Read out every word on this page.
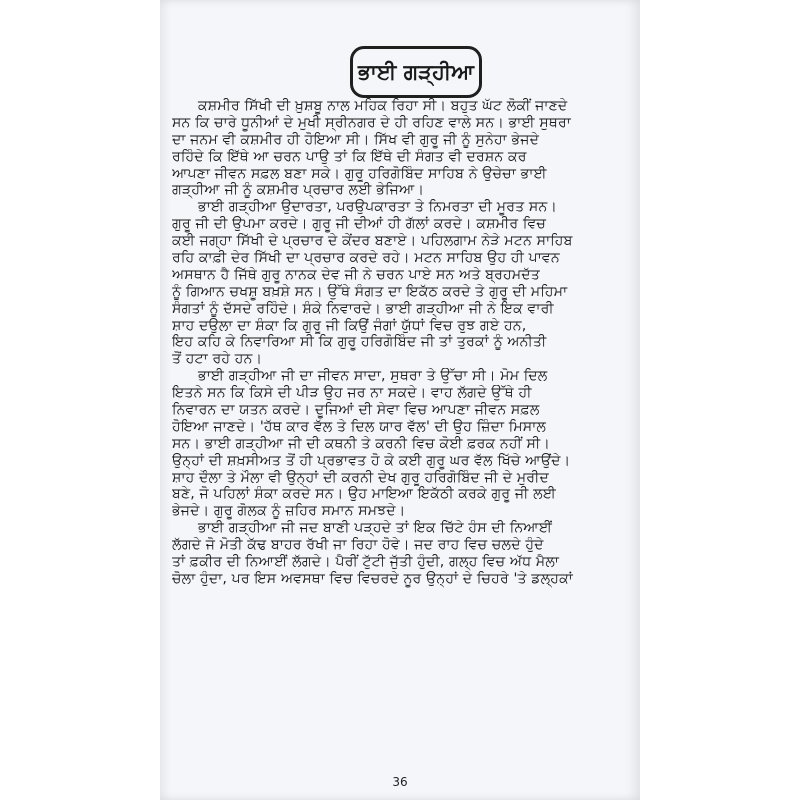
ਭਾਈ ਗੜ੍ਹੀਆ
ਕਸ਼ਮੀਰ ਸਿੱਖੀ ਦੀ ਖ਼ੁਸ਼ਬੂ ਨਾਲ ਮਹਿਕ ਰਿਹਾ ਸੀ। ਬਹੁਤ ਘੱਟ ਲੋਕੀਂ ਜਾਣਦੇ
ਸਨ ਕਿ ਚਾਰੇ ਧੂਨੀਆਂ ਦੇ ਮੁਖੀ ਸ੍ਰੀਨਗਰ ਦੇ ਹੀ ਰਹਿਣ ਵਾਲੇ ਸਨ। ਭਾਈ ਸੁਥਰਾ
ਦਾ ਜਨਮ ਵੀ ਕਸ਼ਮੀਰ ਹੀ ਹੋਇਆ ਸੀ। ਸਿੱਖ ਵੀ ਗੁਰੂ ਜੀ ਨੂੰ ਸੁਨੇਹਾ ਭੇਜਦੇ
ਰਹਿੰਦੇ ਕਿ ਇੱਥੇ ਆ ਚਰਨ ਪਾਉ ਤਾਂ ਕਿ ਇੱਥੇ ਦੀ ਸੰਗਤ ਵੀ ਦਰਸ਼ਨ ਕਰ
ਆਪਣਾ ਜੀਵਨ ਸਫ਼ਲ ਬਣਾ ਸਕੇ। ਗੁਰੂ ਹਰਿਗੋਬਿੰਦ ਸਾਹਿਬ ਨੇ ਉਚੇਚਾ ਭਾਈ
ਗੜ੍ਹੀਆ ਜੀ ਨੂੰ ਕਸ਼ਮੀਰ ਪ੍ਰਚਾਰ ਲਈ ਭੇਜਿਆ।
ਭਾਈ ਗੜ੍ਹੀਆ ਉਦਾਰਤਾ, ਪਰਉਪਕਾਰਤਾ ਤੇ ਨਿਮਰਤਾ ਦੀ ਮੂਰਤ ਸਨ।
ਗੁਰੂ ਜੀ ਦੀ ਉਪਮਾ ਕਰਦੇ। ਗੁਰੂ ਜੀ ਦੀਆਂ ਹੀ ਗੱਲਾਂ ਕਰਦੇ। ਕਸ਼ਮੀਰ ਵਿਚ
ਕਈ ਜਗ੍ਹਾ ਸਿੱਖੀ ਦੇ ਪ੍ਰਚਾਰ ਦੇ ਕੇਂਦਰ ਬਣਾਏ। ਪਹਿਲਗਾਮ ਨੇੜੇ ਮਟਨ ਸਾਹਿਬ
ਰਹਿ ਕਾਫ਼ੀ ਦੇਰ ਸਿੱਖੀ ਦਾ ਪ੍ਰਚਾਰ ਕਰਦੇ ਰਹੇ। ਮਟਨ ਸਾਹਿਬ ਉਹ ਹੀ ਪਾਵਨ
ਅਸਥਾਨ ਹੈ ਜਿੱਥੇ ਗੁਰੂ ਨਾਨਕ ਦੇਵ ਜੀ ਨੇ ਚਰਨ ਪਾਏ ਸਨ ਅਤੇ ਬ੍ਰਹਮਦੱਤ
ਨੂੰ ਗਿਆਨ ਚਖਸ਼ੂ ਬਖ਼ਸ਼ੇ ਸਨ। ਉੱਥੇ ਸੰਗਤ ਦਾ ਇਕੱਠ ਕਰਦੇ ਤੇ ਗੁਰੂ ਦੀ ਮਹਿਮਾ
ਸੰਗਤਾਂ ਨੂੰ ਦੱਸਦੇ ਰਹਿੰਦੇ। ਸ਼ੰਕੇ ਨਿਵਾਰਦੇ। ਭਾਈ ਗੜ੍ਹੀਆ ਜੀ ਨੇ ਇਕ ਵਾਰੀ
ਸ਼ਾਹ ਦਉਲਾ ਦਾ ਸ਼ੰਕਾ ਕਿ ਗੁਰੂ ਜੀ ਕਿਉਂ ਜੰਗਾਂ ਯੁੱਧਾਂ ਵਿਚ ਰੁਝ ਗਏ ਹਨ,
ਇਹ ਕਹਿ ਕੇ ਨਿਵਾਰਿਆ ਸੀ ਕਿ ਗੁਰੂ ਹਰਿਗੋਬਿੰਦ ਜੀ ਤਾਂ ਤੁਰਕਾਂ ਨੂੰ ਅਨੀਤੀ
ਤੋਂ ਹਟਾ ਰਹੇ ਹਨ।
ਭਾਈ ਗੜ੍ਹੀਆ ਜੀ ਦਾ ਜੀਵਨ ਸਾਦਾ, ਸੁਥਰਾ ਤੇ ਉੱਚਾ ਸੀ। ਮੋਮ ਦਿਲ
ਇਤਨੇ ਸਨ ਕਿ ਕਿਸੇ ਦੀ ਪੀੜ ਉਹ ਜਰ ਨਾ ਸਕਦੇ। ਵਾਹ ਲੱਗਦੇ ਉੱਥੇ ਹੀ
ਨਿਵਾਰਨ ਦਾ ਯਤਨ ਕਰਦੇ। ਦੂਜਿਆਂ ਦੀ ਸੇਵਾ ਵਿਚ ਆਪਣਾ ਜੀਵਨ ਸਫ਼ਲ
ਹੋਇਆ ਜਾਣਦੇ। 'ਹੱਥ ਕਾਰ ਵੱਲ ਤੇ ਦਿਲ ਯਾਰ ਵੱਲ' ਦੀ ਉਹ ਜ਼ਿੰਦਾ ਮਿਸਾਲ
ਸਨ। ਭਾਈ ਗੜ੍ਹੀਆ ਜੀ ਦੀ ਕਥਨੀ ਤੇ ਕਰਨੀ ਵਿਚ ਕੋਈ ਫ਼ਰਕ ਨਹੀਂ ਸੀ।
ਉਨ੍ਹਾਂ ਦੀ ਸ਼ਖ਼ਸੀਅਤ ਤੋਂ ਹੀ ਪ੍ਰਭਾਵਤ ਹੋ ਕੇ ਕਈ ਗੁਰੂ ਘਰ ਵੱਲ ਖਿੱਚੇ ਆਉਂਦੇ।
ਸ਼ਾਹ ਦੌਲਾ ਤੇ ਮੌਲਾ ਵੀ ਉਨ੍ਹਾਂ ਦੀ ਕਰਨੀ ਦੇਖ ਗੁਰੂ ਹਰਿਗੋਬਿੰਦ ਜੀ ਦੇ ਮੁਰੀਦ
ਬਣੇ, ਜੋ ਪਹਿਲਾਂ ਸ਼ੰਕਾ ਕਰਦੇ ਸਨ। ਉਹ ਮਾਇਆ ਇਕੱਠੀ ਕਰਕੇ ਗੁਰੂ ਜੀ ਲਈ
ਭੇਜਦੇ। ਗੁਰੂ ਗੋਲਕ ਨੂੰ ਜ਼ਹਿਰ ਸਮਾਨ ਸਮਝਦੇ।
ਭਾਈ ਗੜ੍ਹੀਆ ਜੀ ਜਦ ਬਾਣੀ ਪੜ੍ਹਦੇ ਤਾਂ ਇਕ ਚਿੱਟੇ ਹੰਸ ਦੀ ਨਿਆਈਂ
ਲੱਗਦੇ ਜੋ ਮੋਤੀ ਕੱਢ ਬਾਹਰ ਰੱਖੀ ਜਾ ਰਿਹਾ ਹੋਵੇ। ਜਦ ਰਾਹ ਵਿਚ ਚਲਦੇ ਹੁੰਦੇ
ਤਾਂ ਫ਼ਕੀਰ ਦੀ ਨਿਆਈਂ ਲੱਗਦੇ। ਪੈਰੀਂ ਟੁੱਟੀ ਜੁੱਤੀ ਹੁੰਦੀ, ਗਲ੍ਹ ਵਿਚ ਅੱਧ ਮੈਲਾ
ਚੋਲਾ ਹੁੰਦਾ, ਪਰ ਇਸ ਅਵਸਥਾ ਵਿਚ ਵਿਚਰਦੇ ਨੂਰ ਉਨ੍ਹਾਂ ਦੇ ਚਿਹਰੇ 'ਤੇ ਡਲ੍ਹਕਾਂ
36
